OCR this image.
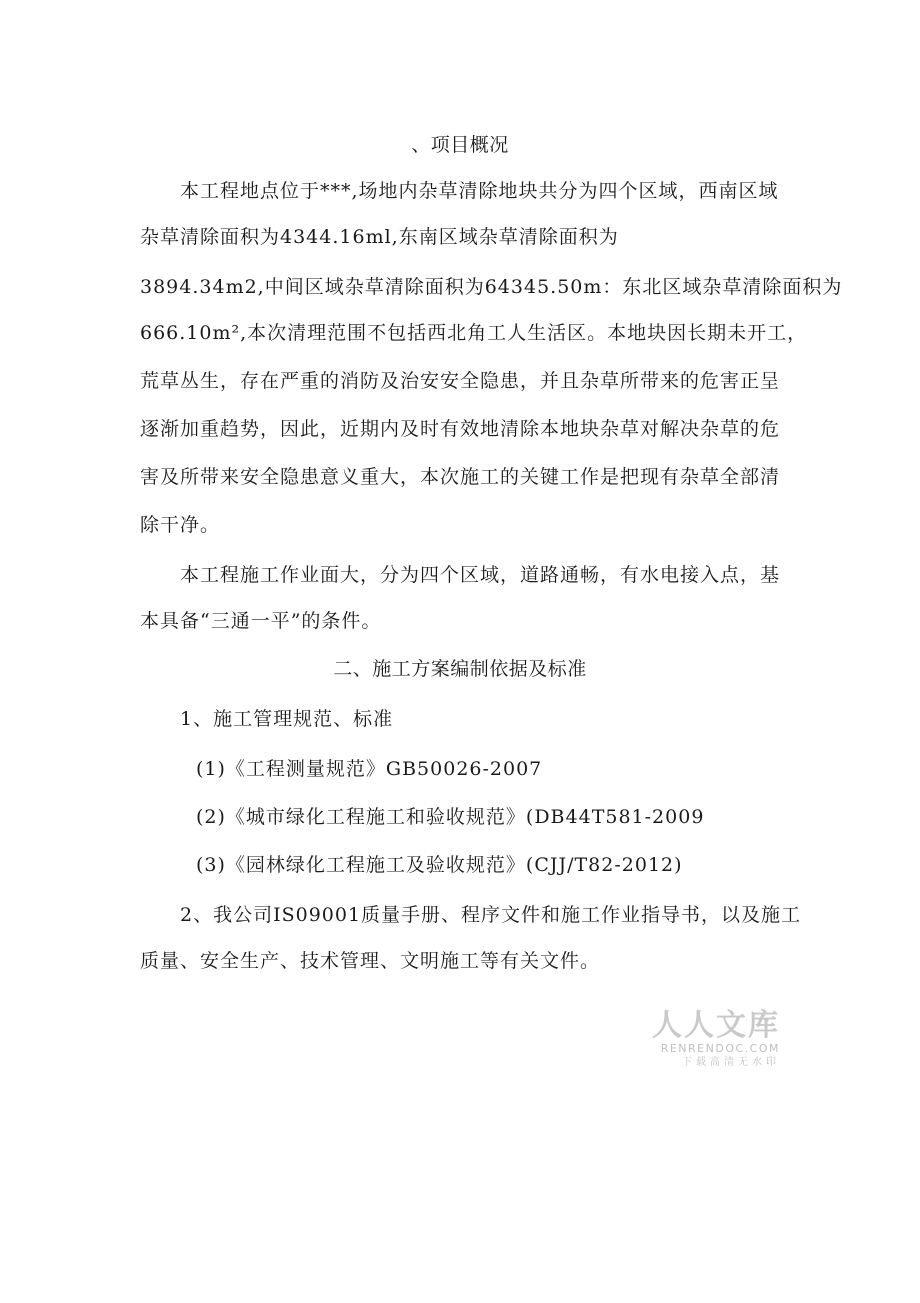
、项目概况
本工程地点位于***,场地内杂草清除地块共分为四个区域，西南区域
杂草清除面积为4344.16ml,东南区域杂草清除面积为
3894.34m2,中间区域杂草清除面积为64345.50m：东北区域杂草清除面积为
666.10m²,本次清理范围不包括西北角工人生活区。本地块因长期未开工，
荒草丛生，存在严重的消防及治安安全隐患，并且杂草所带来的危害正呈
逐渐加重趋势，因此，近期内及时有效地清除本地块杂草对解决杂草的危
害及所带来安全隐患意义重大，本次施工的关键工作是把现有杂草全部清
除干净。
本工程施工作业面大，分为四个区域，道路通畅，有水电接入点，基
本具备“三通一平”的条件。
二、施工方案编制依据及标准
1、施工管理规范、标准
(1)《工程测量规范》GB50026-2007
(2)《城市绿化工程施工和验收规范》(DB44T581-2009
(3)《园林绿化工程施工及验收规范》(CJJ/T82-2012)
2、我公司IS09001质量手册、程序文件和施工作业指导书，以及施工
质量、安全生产、技术管理、文明施工等有关文件。
人人文库
RENRENDOC.COM
下载高清无水印
